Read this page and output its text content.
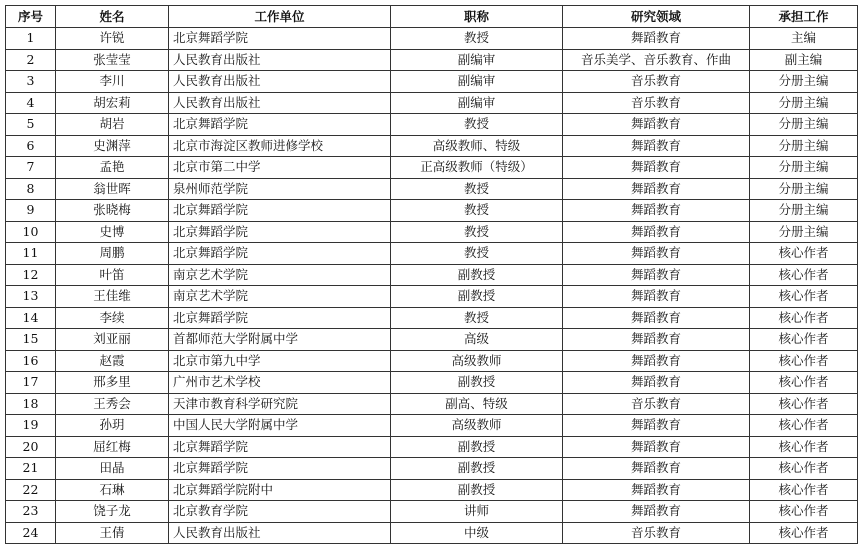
序号	姓名	工作单位	职称	研究领域	承担工作
1	许锐	北京舞蹈学院	教授	舞蹈教育	主编
2	张莹莹	人民教育出版社	副编审	音乐美学、音乐教育、作曲	副主编
3	李川	人民教育出版社	副编审	音乐教育	分册主编
4	胡宏莉	人民教育出版社	副编审	音乐教育	分册主编
5	胡岩	北京舞蹈学院	教授	舞蹈教育	分册主编
6	史渊萍	北京市海淀区教师进修学校	高级教师、特级	舞蹈教育	分册主编
7	孟艳	北京市第二中学	正高级教师（特级）	舞蹈教育	分册主编
8	翁世晖	泉州师范学院	教授	舞蹈教育	分册主编
9	张晓梅	北京舞蹈学院	教授	舞蹈教育	分册主编
10	史博	北京舞蹈学院	教授	舞蹈教育	分册主编
11	周鹏	北京舞蹈学院	教授	舞蹈教育	核心作者
12	叶笛	南京艺术学院	副教授	舞蹈教育	核心作者
13	王佳维	南京艺术学院	副教授	舞蹈教育	核心作者
14	李续	北京舞蹈学院	教授	舞蹈教育	核心作者
15	刘亚丽	首都师范大学附属中学	高级	舞蹈教育	核心作者
16	赵霞	北京市第九中学	高级教师	舞蹈教育	核心作者
17	邢多里	广州市艺术学校	副教授	舞蹈教育	核心作者
18	王秀会	天津市教育科学研究院	副高、特级	音乐教育	核心作者
19	孙玥	中国人民大学附属中学	高级教师	舞蹈教育	核心作者
20	屈红梅	北京舞蹈学院	副教授	舞蹈教育	核心作者
21	田晶	北京舞蹈学院	副教授	舞蹈教育	核心作者
22	石琳	北京舞蹈学院附中	副教授	舞蹈教育	核心作者
23	饶子龙	北京教育学院	讲师	舞蹈教育	核心作者
24	王倩	人民教育出版社	中级	音乐教育	核心作者
